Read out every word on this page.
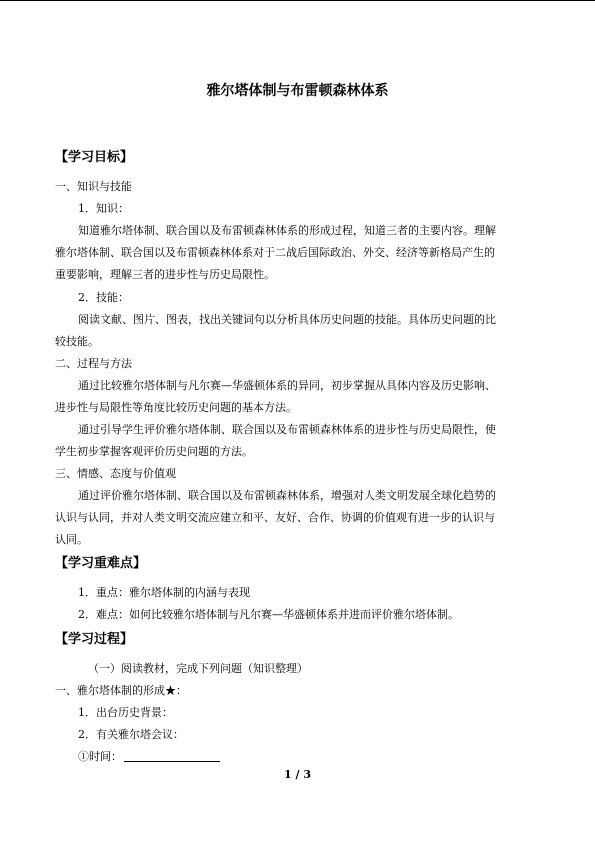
雅尔塔体制与布雷顿森林体系
【学习目标】
一、知识与技能
1．知识：
知道雅尔塔体制、联合国以及布雷顿森林体系的形成过程，知道三者的主要内容。理解
雅尔塔体制、联合国以及布雷顿森林体系对于二战后国际政治、外交、经济等新格局产生的
重要影响，理解三者的进步性与历史局限性。
2．技能：
阅读文献、图片、图表，找出关键词句以分析具体历史问题的技能。具体历史问题的比
较技能。
二、过程与方法
通过比较雅尔塔体制与凡尔赛—华盛顿体系的异同，初步掌握从具体内容及历史影响、
进步性与局限性等角度比较历史问题的基本方法。
通过引导学生评价雅尔塔体制、联合国以及布雷顿森林体系的进步性与历史局限性，使
学生初步掌握客观评价历史问题的方法。
三、情感、态度与价值观
通过评价雅尔塔体制、联合国以及布雷顿森林体系，增强对人类文明发展全球化趋势的
认识与认同，并对人类文明交流应建立和平、友好、合作、协调的价值观有进一步的认识与
认同。
【学习重难点】
1．重点：雅尔塔体制的内涵与表现
2．难点：如何比较雅尔塔体制与凡尔赛—华盛顿体系并进而评价雅尔塔体制。
【学习过程】
（一）阅读教材，完成下列问题（知识整理）
一、雅尔塔体制的形成★：
1．出台历史背景：
2．有关雅尔塔会议：
①时间：
1 / 3
